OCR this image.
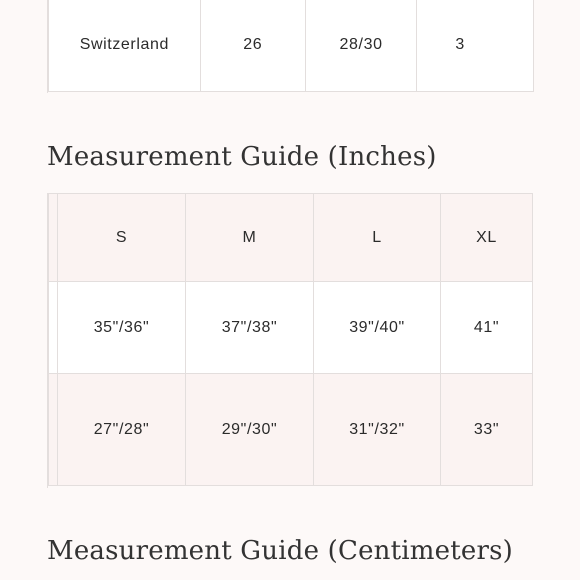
Switzerland	26	28/30	3
Measurement Guide (Inches)
	S	M	L	XL
	35"/36"	37"/38"	39"/40"	41"
	27"/28"	29"/30"	31"/32"	33"
Measurement Guide (Centimeters)
